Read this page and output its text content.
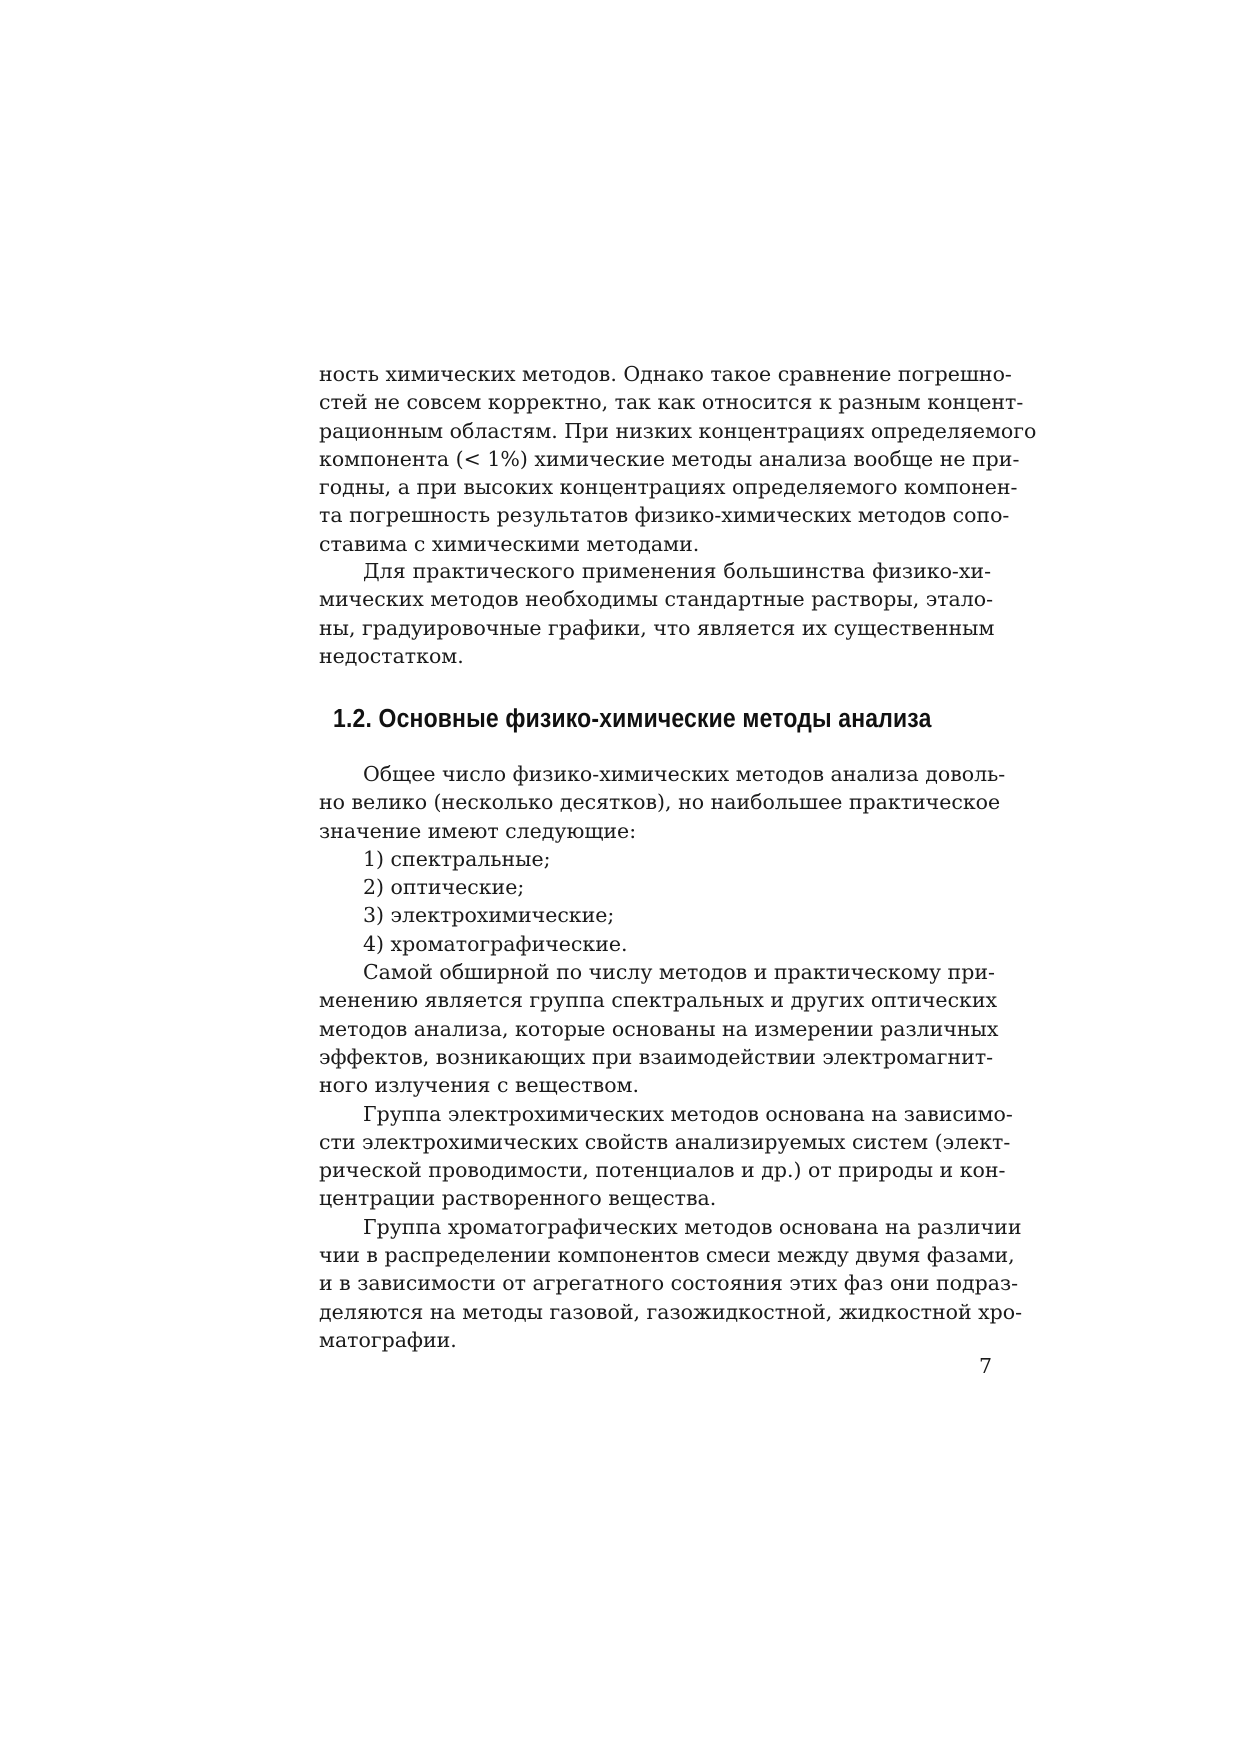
ность химических методов. Однако такое сравнение погрешно-
стей не совсем корректно, так как относится к разным концент-
рационным областям. При низких концентрациях определяемого
компонента (< 1%) химические методы анализа вообще не при-
годны, а при высоких концентрациях определяемого компонен-
та погрешность результатов физико-химических методов сопо-
ставима с химическими методами.
Для практического применения большинства физико-хи-
мических методов необходимы стандартные растворы, этало-
ны, градуировочные графики, что является их существенным
недостатком.
1.2. Основные физико-химические методы анализа
Общее число физико-химических методов анализа доволь-
но велико (несколько десятков), но наибольшее практическое
значение имеют следующие:
1) спектральные;
2) оптические;
3) электрохимические;
4) хроматографические.
Самой обширной по числу методов и практическому при-
менению является группа спектральных и других оптических
методов анализа, которые основаны на измерении различных
эффектов, возникающих при взаимодействии электромагнит-
ного излучения с веществом.
Группа электрохимических методов основана на зависимо-
сти электрохимических свойств анализируемых систем (элект-
рической проводимости, потенциалов и др.) от природы и кон-
центрации растворенного вещества.
Группа хроматографических методов основана на различии
чии в распределении компонентов смеси между двумя фазами,
и в зависимости от агрегатного состояния этих фаз они подраз-
деляются на методы газовой, газожидкостной, жидкостной хро-
матографии.
7
